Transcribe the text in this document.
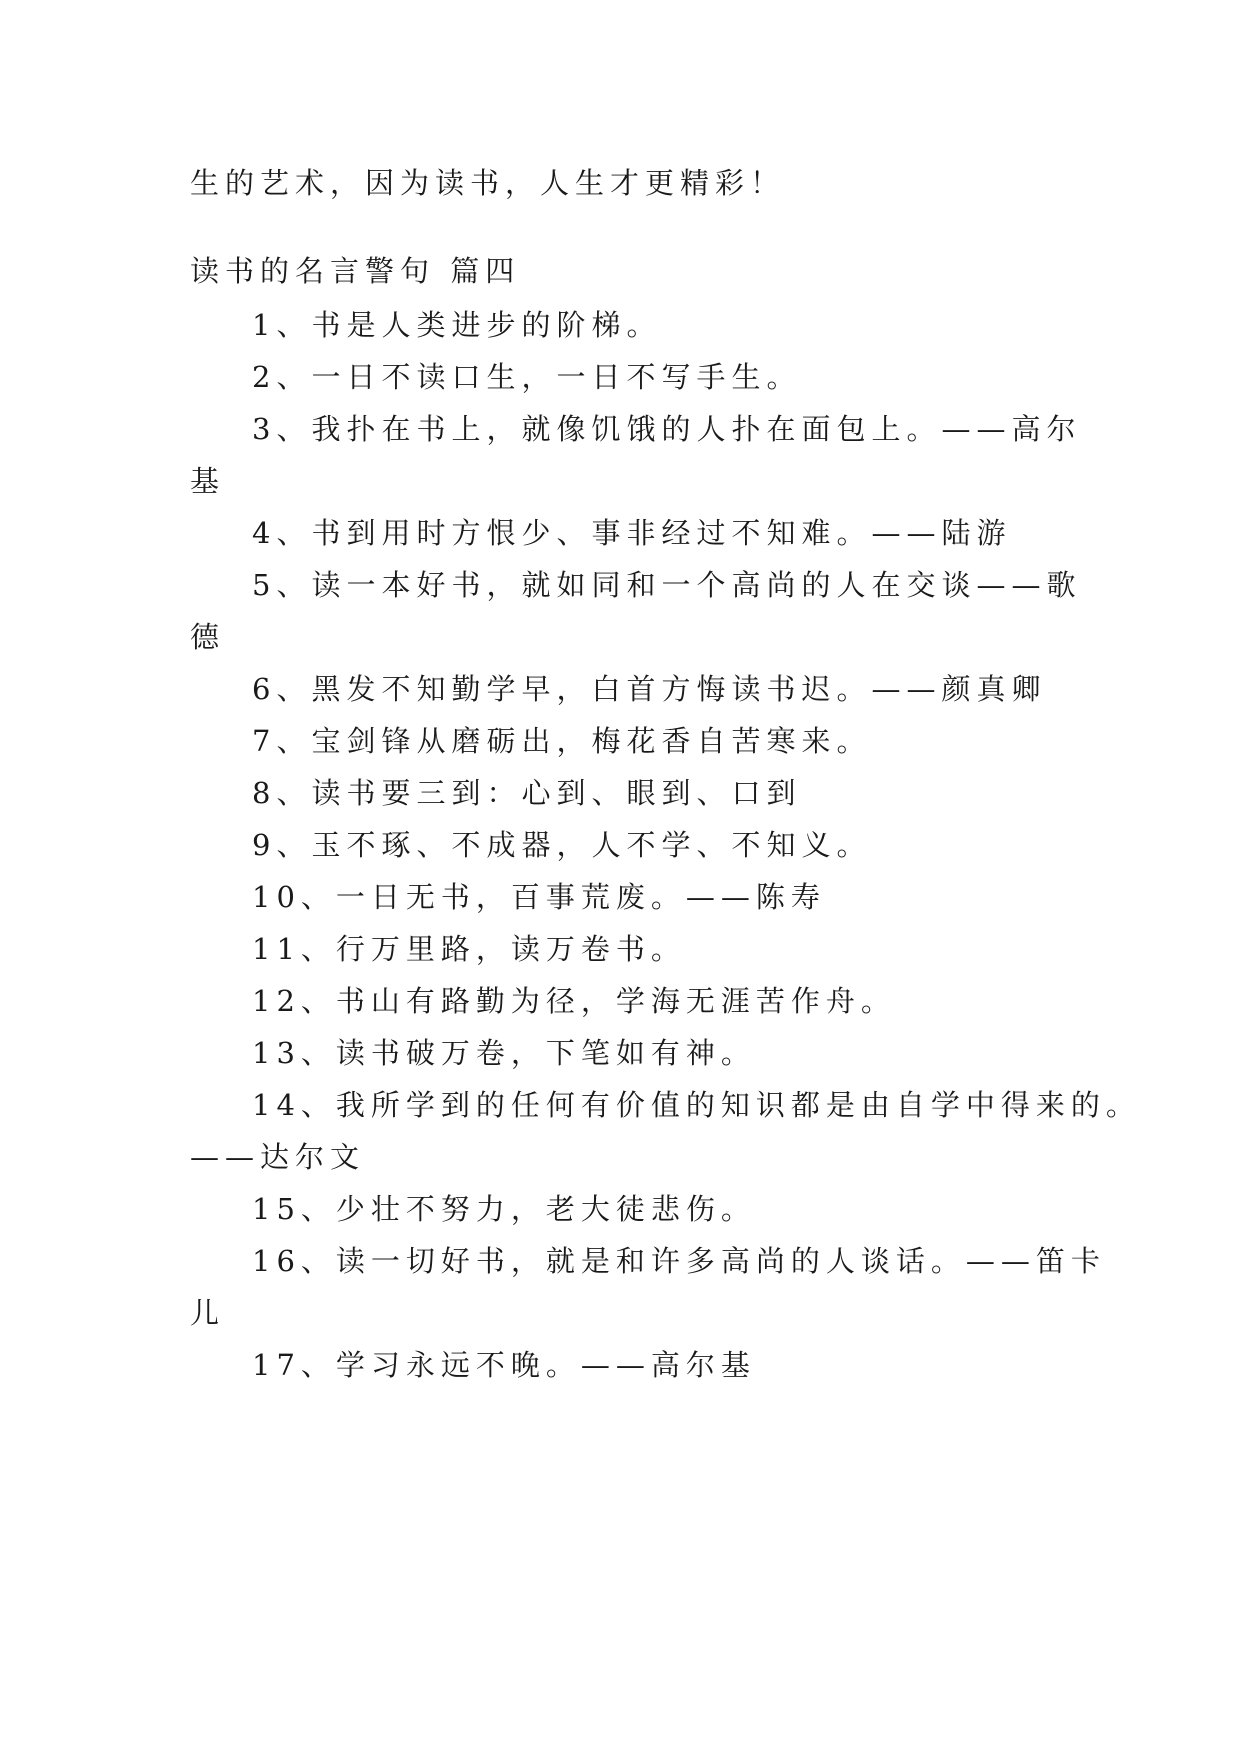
生的艺术，因为读书，人生才更精彩！
读书的名言警句 篇四
1、书是人类进步的阶梯。
2、一日不读口生，一日不写手生。
3、我扑在书上，就像饥饿的人扑在面包上。——高尔
基
4、书到用时方恨少、事非经过不知难。——陆游
5、读一本好书，就如同和一个高尚的人在交谈——歌
德
6、黑发不知勤学早，白首方悔读书迟。——颜真卿
7、宝剑锋从磨砺出，梅花香自苦寒来。
8、读书要三到：心到、眼到、口到
9、玉不琢、不成器，人不学、不知义。
10、一日无书，百事荒废。——陈寿
11、行万里路，读万卷书。
12、书山有路勤为径，学海无涯苦作舟。
13、读书破万卷，下笔如有神。
14、我所学到的任何有价值的知识都是由自学中得来的。
——达尔文
15、少壮不努力，老大徒悲伤。
16、读一切好书，就是和许多高尚的人谈话。——笛卡
儿
17、学习永远不晚。——高尔基
